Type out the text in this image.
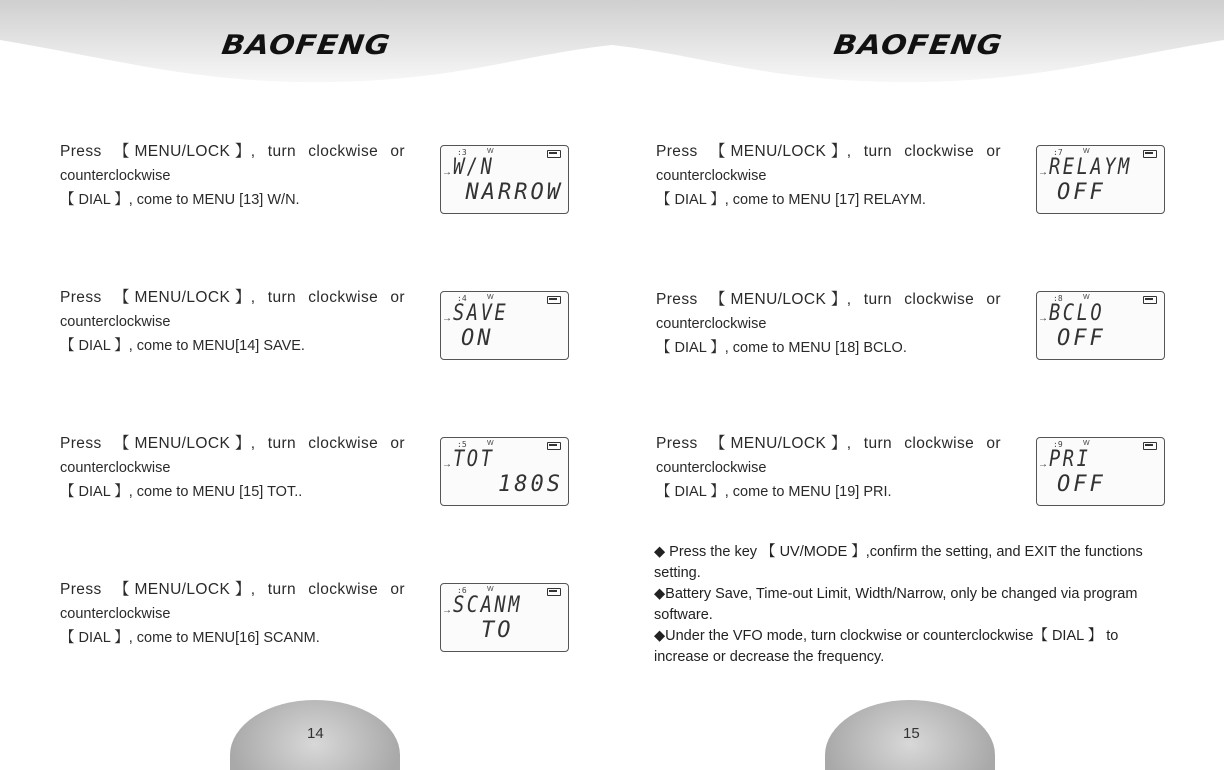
BAOFENG
14
BAOFENG
15
Press 【 MENU/LOCK 】, turn clockwise or
counterclockwise
【 DIAL 】, come to MENU [13] W/N.
:3	W
→ W/N
NARROW
Press 【 MENU/LOCK 】, turn clockwise or
counterclockwise
【 DIAL 】, come to MENU[14] SAVE.
:4	W
→ SAVE
ON
Press 【 MENU/LOCK 】, turn clockwise or
counterclockwise
【 DIAL 】, come to MENU [15] TOT..
:5	W
→ TOT
180S
Press 【 MENU/LOCK 】, turn clockwise or
counterclockwise
【 DIAL 】, come to MENU[16] SCANM.
:6	W
→ SCANM
TO
Press 【 MENU/LOCK 】, turn clockwise or
counterclockwise
【 DIAL 】, come to MENU [17] RELAYM.
:7	W
→ RELAYM
OFF
Press 【 MENU/LOCK 】, turn clockwise or
counterclockwise
【 DIAL 】, come to MENU [18] BCLO.
:8	W
→ BCLO
OFF
Press 【 MENU/LOCK 】, turn clockwise or
counterclockwise
【 DIAL 】, come to MENU [19] PRI.
:9	W
→ PRI
OFF

◆ Press the key 【 UV/MODE 】,confirm the setting, and EXIT the functions setting.

◆Battery Save, Time-out Limit, Width/Narrow, only be changed via program software.

◆Under the VFO mode, turn clockwise or counterclockwise【 DIAL 】 to increase or decrease the frequency.
